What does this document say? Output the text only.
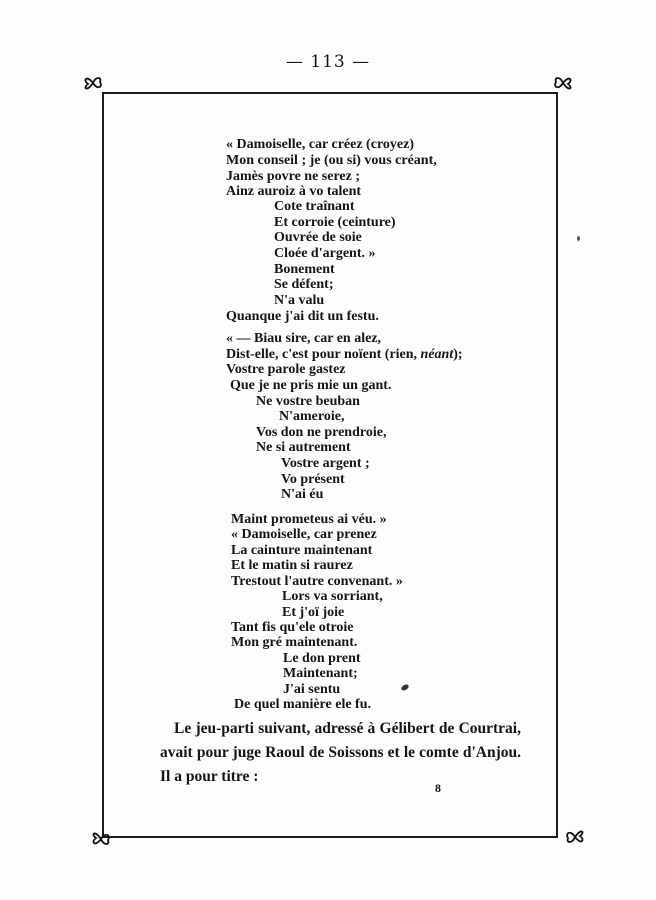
— 113 —
« Damoiselle, car créez (croyez)
Mon conseil ; je (ou si) vous créant,
Jamès povre ne serez ;
Ainz auroiz à vo talent
Cote traînant
Et corroie (ceinture)
Ouvrée de soie
Cloée d'argent. »
Bonement
Se défent;
N'a valu
Quanque j'ai dit un festu.
« — Biau sire, car en alez,
Dist-elle, c'est pour noïent (rien, néant);
Vostre parole gastez
Que je ne pris mie un gant.
Ne vostre beuban
N'ameroie,
Vos don ne prendroie,
Ne si autrement
Vostre argent ;
Vo présent
N'ai éu
Maint prometeus ai véu. »
« Damoiselle, car prenez
La cainture maintenant
Et le matin si raurez
Trestout l'autre convenant. »
Lors va sorriant,
Et j'oï joie
Tant fis qu'ele otroie
Mon gré maintenant.
Le don prent
Maintenant;
J'ai sentu
De quel manière ele fu.
Le jeu-parti suivant, adressé à Gélibert de Courtrai,
avait pour juge Raoul de Soissons et le comte d'Anjou.
Il a pour titre :
8
